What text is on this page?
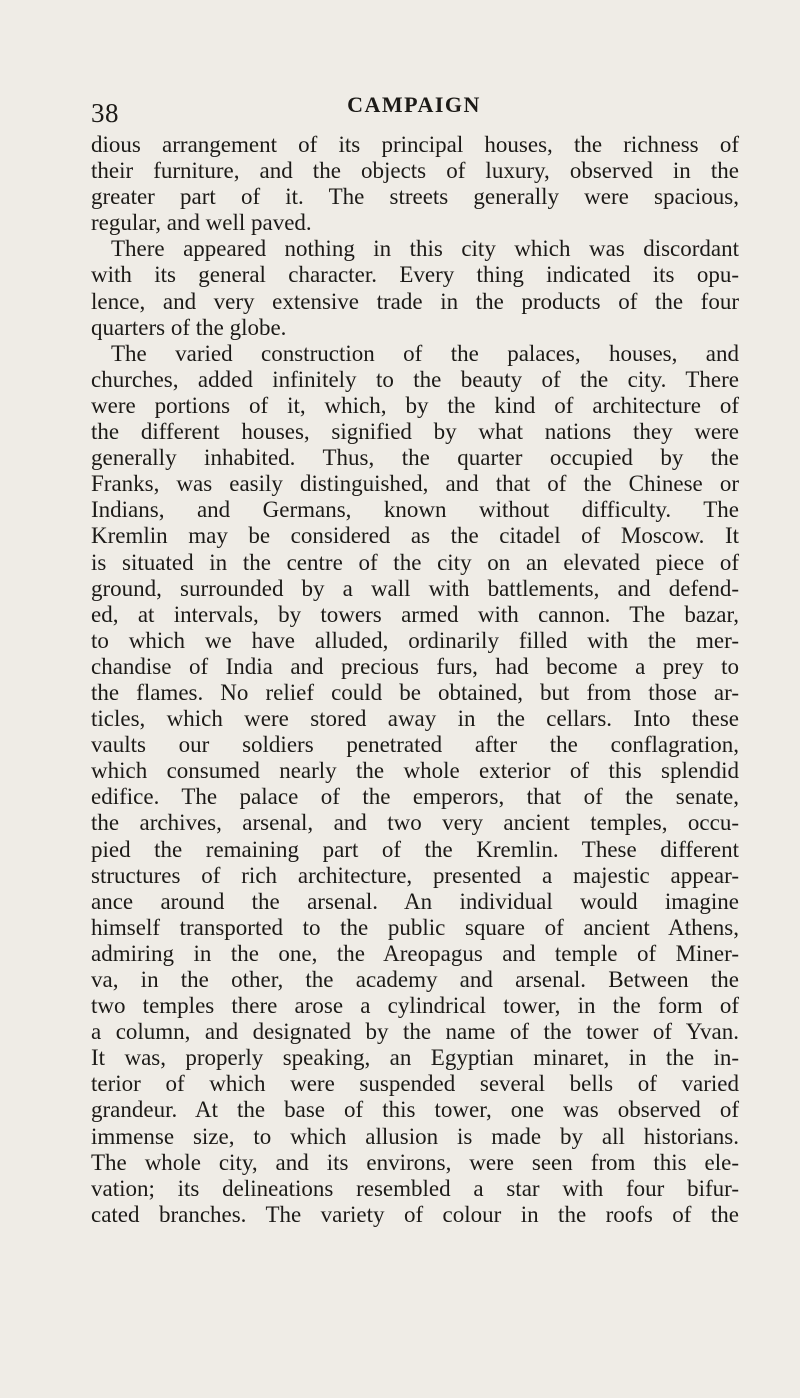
38	CAMPAIGN
dious arrangement of its principal houses, the richness of
their furniture, and the objects of luxury, observed in the
greater part of it. The streets generally were spacious,
regular, and well paved.
There appeared nothing in this city which was discordant
with its general character. Every thing indicated its opu-
lence, and very extensive trade in the products of the four
quarters of the globe.
The varied construction of the palaces, houses, and
churches, added infinitely to the beauty of the city. There
were portions of it, which, by the kind of architecture of
the different houses, signified by what nations they were
generally inhabited. Thus, the quarter occupied by the
Franks, was easily distinguished, and that of the Chinese or
Indians, and Germans, known without difficulty. The
Kremlin may be considered as the citadel of Moscow. It
is situated in the centre of the city on an elevated piece of
ground, surrounded by a wall with battlements, and defend-
ed, at intervals, by towers armed with cannon. The bazar,
to which we have alluded, ordinarily filled with the mer-
chandise of India and precious furs, had become a prey to
the flames. No relief could be obtained, but from those ar-
ticles, which were stored away in the cellars. Into these
vaults our soldiers penetrated after the conflagration,
which consumed nearly the whole exterior of this splendid
edifice. The palace of the emperors, that of the senate,
the archives, arsenal, and two very ancient temples, occu-
pied the remaining part of the Kremlin. These different
structures of rich architecture, presented a majestic appear-
ance around the arsenal. An individual would imagine
himself transported to the public square of ancient Athens,
admiring in the one, the Areopagus and temple of Miner-
va, in the other, the academy and arsenal. Between the
two temples there arose a cylindrical tower, in the form of
a column, and designated by the name of the tower of Yvan.
It was, properly speaking, an Egyptian minaret, in the in-
terior of which were suspended several bells of varied
grandeur. At the base of this tower, one was observed of
immense size, to which allusion is made by all historians.
The whole city, and its environs, were seen from this ele-
vation; its delineations resembled a star with four bifur-
cated branches. The variety of colour in the roofs of the
